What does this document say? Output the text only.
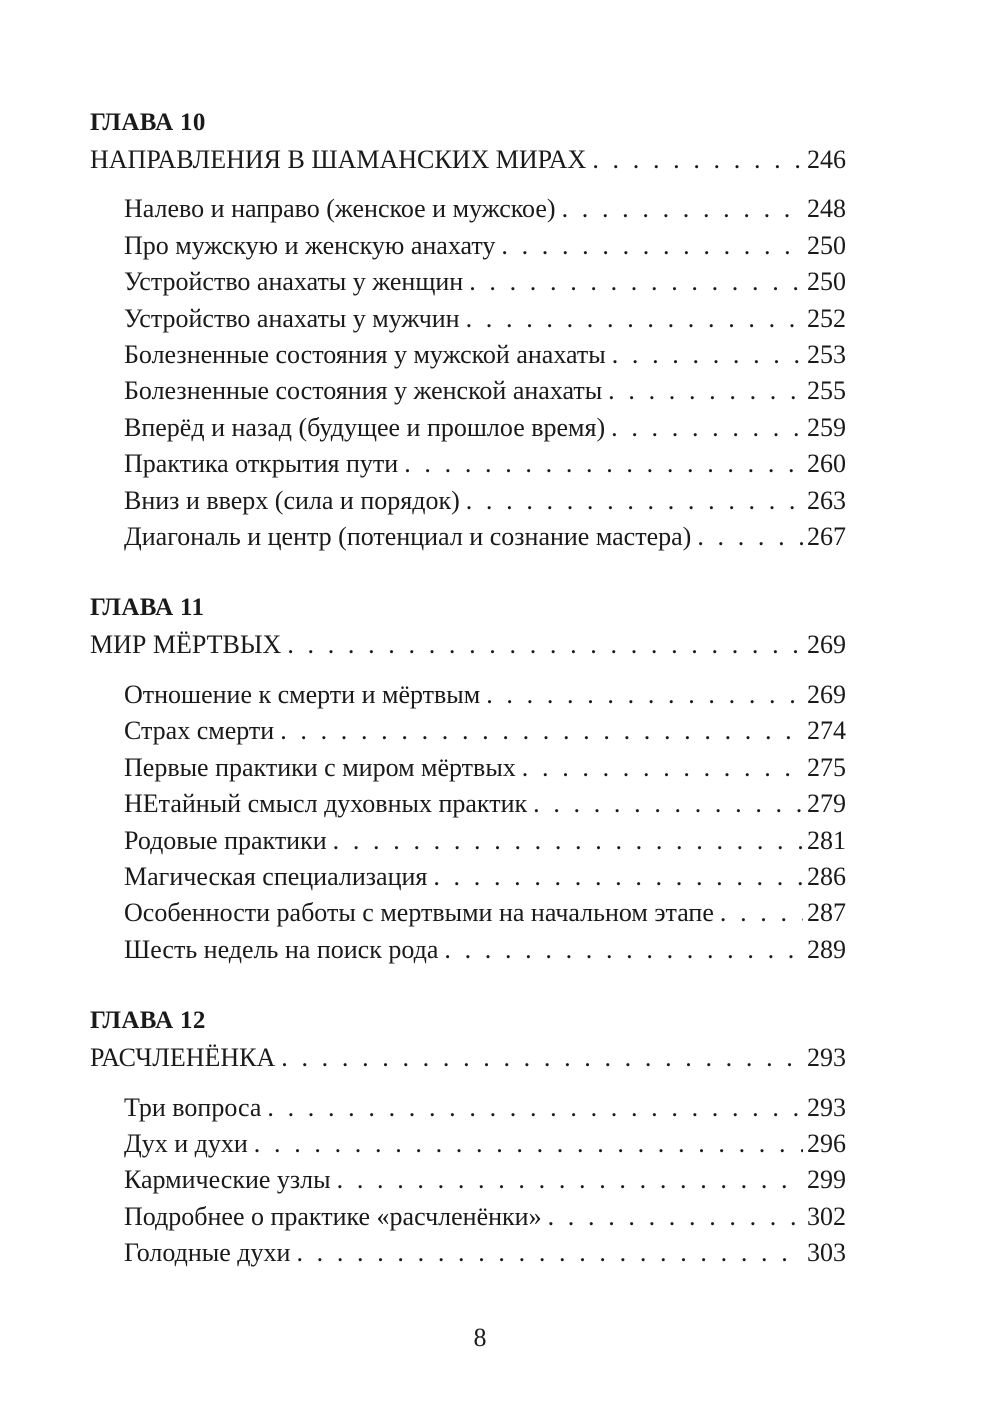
ГЛАВА 10
НАПРАВЛЕНИЯ В ШАМАНСКИХ МИРАХ . . .	246
Налево и направо (женское и мужское) . . .	248
Про мужскую и женскую анахату . . .	250
Устройство анахаты у женщин . . .	250
Устройство анахаты у мужчин . . .	252
Болезненные состояния у мужской анахаты . . .	253
Болезненные состояния у женской анахаты . . .	255
Вперёд и назад (будущее и прошлое время) . . .	259
Практика открытия пути . . .	260
Вниз и вверх (сила и порядок) . . .	263
Диагональ и центр (потенциал и сознание мастера) . . .	267
ГЛАВА 11
МИР МЁРТВЫХ . . .	269
Отношение к смерти и мёртвым . . .	269
Страх смерти . . .	274
Первые практики с миром мёртвых . . .	275
НЕтайный смысл духовных практик . . .	279
Родовые практики . . .	281
Магическая специализация . . .	286
Особенности работы с мертвыми на начальном этапе . . .	287
Шесть недель на поиск рода . . .	289
ГЛАВА 12
РАСЧЛЕНЁНКА . . .	293
Три вопроса . . .	293
Дух и духи . . .	296
Кармические узлы . . .	299
Подробнее о практике «расчленёнки» . . .	302
Голодные духи . . .	303
8
